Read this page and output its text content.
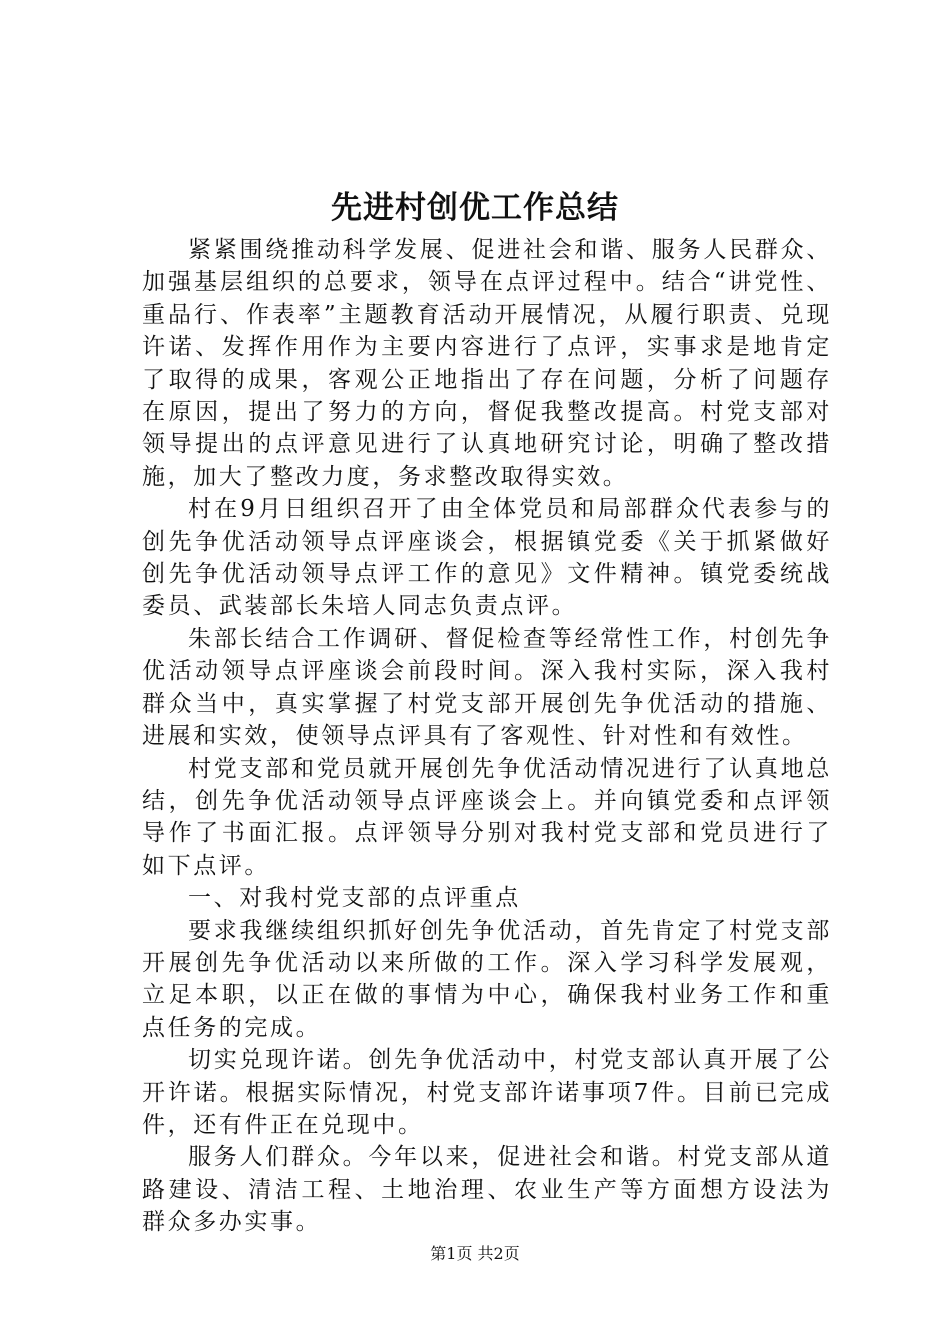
先进村创优工作总结

紧紧围绕推动科学发展、促进社会和谐、服务人民群众、加强基层组织的总要求，领导在点评过程中。结合“讲党性、重品行、作表率”主题教育活动开展情况，从履行职责、兑现许诺、发挥作用作为主要内容进行了点评，实事求是地肯定了取得的成果，客观公正地指出了存在问题，分析了问题存在原因，提出了努力的方向，督促我整改提高。村党支部对领导提出的点评意见进行了认真地研究讨论，明确了整改措施，加大了整改力度，务求整改取得实效。

村在9月日组织召开了由全体党员和局部群众代表参与的创先争优活动领导点评座谈会，根据镇党委《关于抓紧做好创先争优活动领导点评工作的意见》文件精神。镇党委统战委员、武装部长朱培人同志负责点评。

朱部长结合工作调研、督促检查等经常性工作，村创先争优活动领导点评座谈会前段时间。深入我村实际，深入我村群众当中，真实掌握了村党支部开展创先争优活动的措施、进展和实效，使领导点评具有了客观性、针对性和有效性。

村党支部和党员就开展创先争优活动情况进行了认真地总结，创先争优活动领导点评座谈会上。并向镇党委和点评领导作了书面汇报。点评领导分别对我村党支部和党员进行了如下点评。

一、对我村党支部的点评重点

要求我继续组织抓好创先争优活动，首先肯定了村党支部开展创先争优活动以来所做的工作。深入学习科学发展观，立足本职，以正在做的事情为中心，确保我村业务工作和重点任务的完成。

切实兑现许诺。创先争优活动中，村党支部认真开展了公开许诺。根据实际情况，村党支部许诺事项7件。目前已完成件，还有件正在兑现中。

服务人们群众。今年以来，促进社会和谐。村党支部从道路建设、清洁工程、土地治理、农业生产等方面想方设法为群众多办实事。

第1页 共2页
